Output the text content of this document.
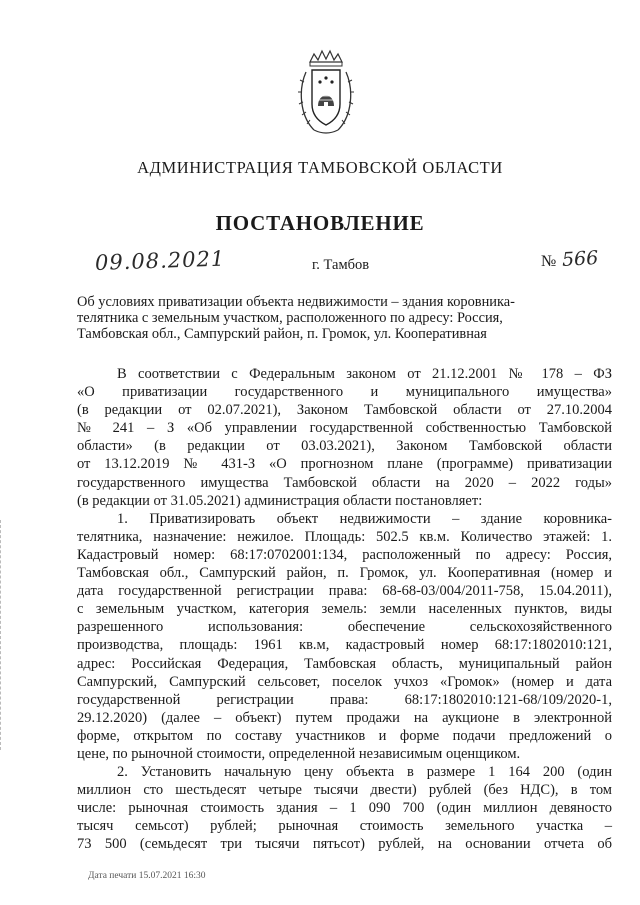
АДМИНИСТРАЦИЯ ТАМБОВСКОЙ ОБЛАСТИ
ПОСТАНОВЛЕНИЕ
09.08.2021	г. Тамбов	№ 566
Об условиях приватизации объекта недвижимости – здания коровника-
телятника с земельным участком, расположенного по адресу: Россия,
Тамбовская обл., Сампурский район, п. Громок, ул. Кооперативная
В соответствии с Федеральным законом от 21.12.2001 № 178 – ФЗ
«О приватизации государственного и муниципального имущества»
(в редакции от 02.07.2021), Законом Тамбовской области от 27.10.2004
№ 241 – З «Об управлении государственной собственностью Тамбовской
области» (в редакции от 03.03.2021), Законом Тамбовской области
от 13.12.2019 № 431-З «О прогнозном плане (программе) приватизации
государственного имущества Тамбовской области на 2020 – 2022 годы»
(в редакции от 31.05.2021) администрация области постановляет:
1. Приватизировать объект недвижимости – здание коровника-
телятника, назначение: нежилое. Площадь: 502.5 кв.м. Количество этажей: 1.
Кадастровый номер: 68:17:0702001:134, расположенный по адресу: Россия,
Тамбовская обл., Сампурский район, п. Громок, ул. Кооперативная (номер и
дата государственной регистрации права: 68-68-03/004/2011-758, 15.04.2011),
с земельным участком, категория земель: земли населенных пунктов, виды
разрешенного использования: обеспечение сельскохозяйственного
производства, площадь: 1961 кв.м, кадастровый номер 68:17:1802010:121,
адрес: Российская Федерация, Тамбовская область, муниципальный район
Сампурский, Сампурский сельсовет, поселок учхоз «Громок» (номер и дата
государственной регистрации права: 68:17:1802010:121-68/109/2020-1,
29.12.2020) (далее – объект) путем продажи на аукционе в электронной
форме, открытом по составу участников и форме подачи предложений о
цене, по рыночной стоимости, определенной независимым оценщиком.
2. Установить начальную цену объекта в размере 1 164 200 (один
миллион сто шестьдесят четыре тысячи двести) рублей (без НДС), в том
числе: рыночная стоимость здания – 1 090 700 (один миллион девяносто
тысяч семьсот) рублей; рыночная стоимость земельного участка –
73 500 (семьдесят три тысячи пятьсот) рублей, на основании отчета об
Дата печати 15.07.2021 16:30
